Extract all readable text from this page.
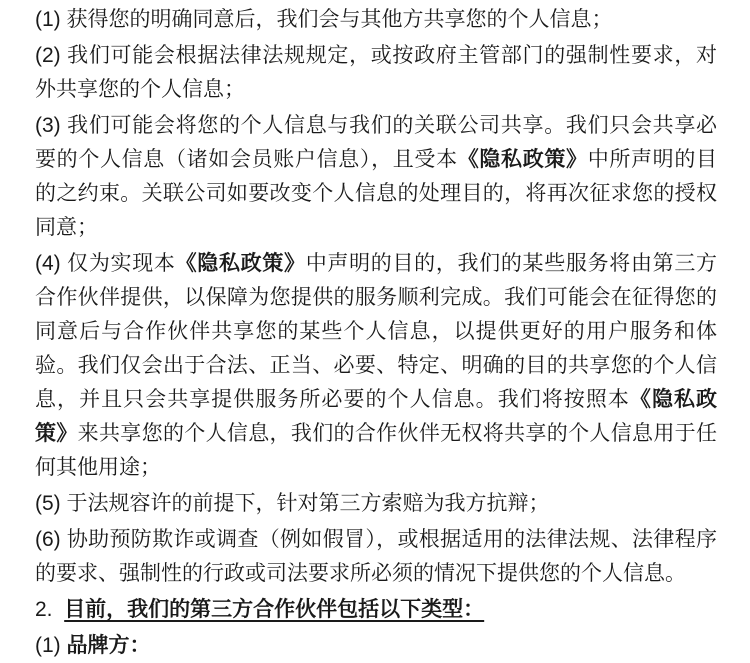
(1) 获得您的明确同意后，我们会与其他方共享您的个人信息；

(2) 我们可能会根据法律法规规定，或按政府主管部门的强制性要求，对外共享您的个人信息；

(3) 我们可能会将您的个人信息与我们的关联公司共享。我们只会共享必要的个人信息（诸如会员账户信息），且受本《隐私政策》中所声明的目的之约束。关联公司如要改变个人信息的处理目的，将再次征求您的授权同意；

(4) 仅为实现本《隐私政策》中声明的目的，我们的某些服务将由第三方合作伙伴提供，以保障为您提供的服务顺利完成。我们可能会在征得您的同意后与合作伙伴共享您的某些个人信息，以提供更好的用户服务和体验。我们仅会出于合法、正当、必要、特定、明确的目的共享您的个人信息，并且只会共享提供服务所必要的个人信息。我们将按照本《隐私政策》来共享您的个人信息，我们的合作伙伴无权将共享的个人信息用于任何其他用途；

(5) 于法规容许的前提下，针对第三方索赔为我方抗辩；

(6) 协助预防欺诈或调查（例如假冒），或根据适用的法律法规、法律程序的要求、强制性的行政或司法要求所必须的情况下提供您的个人信息。

2.  目前，我们的第三方合作伙伴包括以下类型：

(1) 品牌方：
